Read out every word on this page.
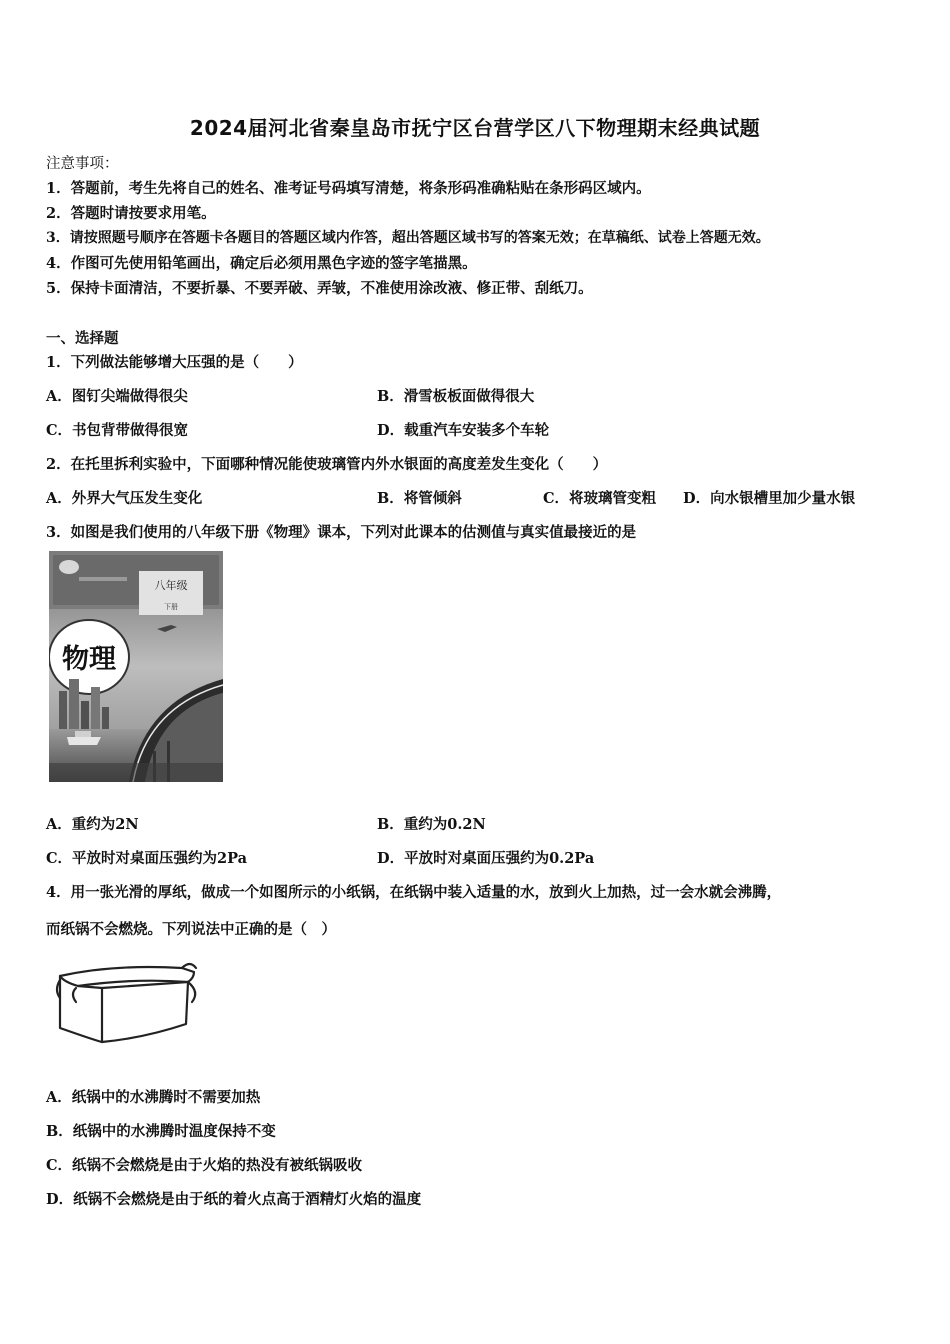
2024届河北省秦皇岛市抚宁区台营学区八下物理期末经典试题
注意事项：
1．答题前，考生先将自己的姓名、准考证号码填写清楚，将条形码准确粘贴在条形码区域内。
2．答题时请按要求用笔。
3．请按照题号顺序在答题卡各题目的答题区域内作答，超出答题区域书写的答案无效；在草稿纸、试卷上答题无效。
4．作图可先使用铅笔画出，确定后必须用黑色字迹的签字笔描黑。
5．保持卡面清洁，不要折暴、不要弄破、弄皱，不准使用涂改液、修正带、刮纸刀。
一、选择题
1．下列做法能够增大压强的是（　　）
A．图钉尖端做得很尖	B．滑雪板板面做得很大
C．书包背带做得很宽	D．载重汽车安装多个车轮
2．在托里拆利实验中，下面哪种情况能使玻璃管内外水银面的高度差发生变化（　　）
A．外界大气压发生变化	B．将管倾斜	C．将玻璃管变粗 D．向水银槽里加少量水银
3．如图是我们使用的八年级下册《物理》课本，下列对此课本的估测值与真实值最接近的是
八年级
下册
物理
A．重约为2N	B．重约为0.2N
C．平放时对桌面压强约为2Pa	D．平放时对桌面压强约为0.2Pa
4．用一张光滑的厚纸，做成一个如图所示的小纸锅，在纸锅中装入适量的水，放到火上加热，过一会水就会沸腾，
而纸锅不会燃烧。下列说法中正确的是（　）
A．纸锅中的水沸腾时不需要加热
B．纸锅中的水沸腾时温度保持不变
C．纸锅不会燃烧是由于火焰的热没有被纸锅吸收
D．纸锅不会燃烧是由于纸的着火点高于酒精灯火焰的温度
